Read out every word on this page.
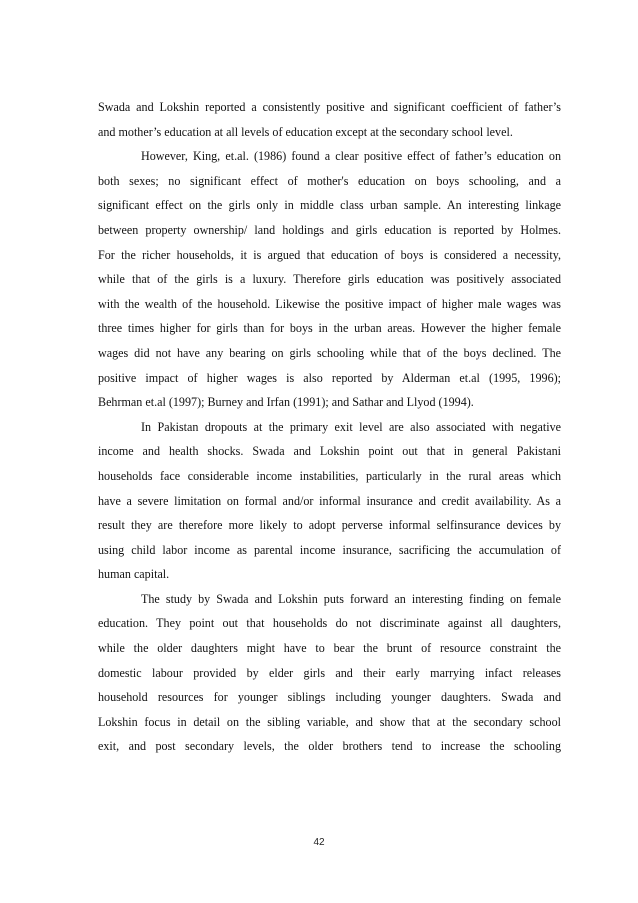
Swada and Lokshin reported a consistently positive and significant coefficient of father’s
and mother’s education at all levels of education except at the secondary school level.
However, King, et.al. (1986) found a clear positive effect of father’s education on
both sexes; no significant effect of mother's education on boys schooling, and a
significant effect on the girls only in middle class urban sample. An interesting linkage
between property ownership/ land holdings and girls education is reported by Holmes.
For the richer households, it is argued that education of boys is considered a necessity,
while that of the girls is a luxury. Therefore girls education was positively associated
with the wealth of the household. Likewise the positive impact of higher male wages was
three times higher for girls than for boys in the urban areas. However the higher female
wages did not have any bearing on girls schooling while that of the boys declined. The
positive impact of higher wages is also reported by Alderman et.al (1995, 1996);
Behrman et.al (1997); Burney and Irfan (1991); and Sathar and Llyod (1994).
In Pakistan dropouts at the primary exit level are also associated with negative
income and health shocks. Swada and Lokshin point out that in general Pakistani
households face considerable income instabilities, particularly in the rural areas which
have a severe limitation on formal and/or informal insurance and credit availability. As a
result they are therefore more likely to adopt perverse informal selfinsurance devices by
using child labor income as parental income insurance, sacrificing the accumulation of
human capital.
The study by Swada and Lokshin puts forward an interesting finding on female
education. They point out that households do not discriminate against all daughters,
while the older daughters might have to bear the brunt of resource constraint the
domestic labour provided by elder girls and their early marrying infact releases
household resources for younger siblings including younger daughters. Swada and
Lokshin focus in detail on the sibling variable, and show that at the secondary school
exit, and post secondary levels, the older brothers tend to increase the schooling
42
